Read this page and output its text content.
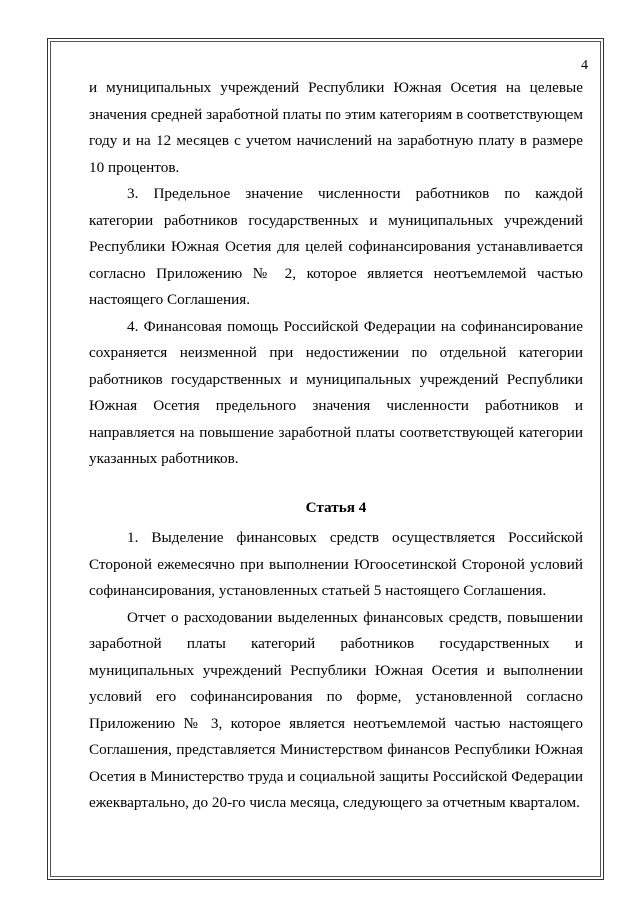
4

и муниципальных учреждений Республики Южная Осетия на целевые значения средней заработной платы по этим категориям в соответствующем году и на 12 месяцев с учетом начислений на заработную плату в размере 10 процентов.

3. Предельное значение численности работников по каждой категории работников государственных и муниципальных учреждений Республики Южная Осетия для целей софинансирования устанавливается согласно Приложению № 2, которое является неотъемлемой частью настоящего Соглашения.

4. Финансовая помощь Российской Федерации на софинансирование сохраняется неизменной при недостижении по отдельной категории работников государственных и муниципальных учреждений Республики Южная Осетия предельного значения численности работников и направляется на повышение заработной платы соответствующей категории указанных работников.

Статья 4

1. Выделение финансовых средств осуществляется Российской Стороной ежемесячно при выполнении Югоосетинской Стороной условий софинансирования, установленных статьей 5 настоящего Соглашения.

Отчет о расходовании выделенных финансовых средств, повышении заработной платы категорий работников государственных и муниципальных учреждений Республики Южная Осетия и выполнении условий его софинансирования по форме, установленной согласно Приложению № 3, которое является неотъемлемой частью настоящего Соглашения, представляется Министерством финансов Республики Южная Осетия в Министерство труда и социальной защиты Российской Федерации ежеквартально, до 20-го числа месяца, следующего за отчетным кварталом.
